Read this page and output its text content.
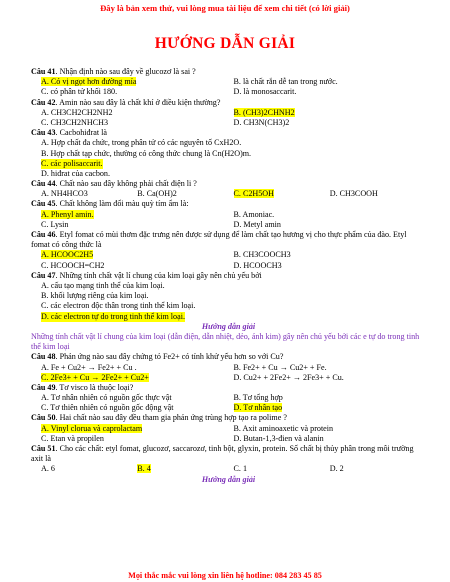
Đây là bản xem thử, vui lòng mua tài liệu để xem chi tiết (có lời giải)
HƯỚNG DẪN GIẢI
Câu 41 . Nhận định nào sau đây về glucozơ là sai ?
A. Có vị ngọt hơn đường mía	B. là chất rắn dễ tan trong nước.
C. có phân tử khối 180.	D. là monosaccarit.
Câu 42 . Amin nào sau đây là chất khí ở điều kiện thường?
A. CH3CH2CH2NH2	B. (CH3)2CHNH2
C. CH3CH2NHCH3	D. CH3N(CH3)2
Câu 43 . Cacbohiđrat là
A. Hợp chất đa chức, trong phân tử có các nguyên tố CxH2O.
B. Hợp chất tạp chức, thường có công thức chung là Cn(H2O)m.
C. các polisaccarit.
D. hiđrat của cacbon.
Câu 44 . Chất nào sau đây không phải chất điện li ?
A. NH4HCO3	B. Ca(OH)2	C. C2H5OH	D. CH3COOH
Câu 45 . Chất không làm đổi màu quỳ tím ẩm là:
A. Phenyl amin.	B. Amoniac.
C. Lysin	D. Metyl amin
Câu 46. Etyl fomat có mùi thơm đặc trưng nên được sử dụng để làm chất tạo hương vị cho thực phẩm của đào. Etyl fomat có công thức là
A. HCOOC2H5	B. CH3COOCH3
C. HCOOCH=CH2	D. HCOOCH3
Câu 47 . Những tính chất vật lí chung của kim loại gây nên chủ yếu bởi
A. cấu tạo mạng tinh thể của kim loại.
B. khối lượng riêng của kim loại.
C. các electron độc thân trong tinh thể kim loại.
D. các electron tự do trong tinh thể kim loại.
Hướng dẫn giải
Những tính chất vật lí chung của kim loại (dẫn điện, dẫn nhiệt, dẻo, ánh kim) gây nên chủ yếu bởi các e tự do trong tinh thể kim loại
Câu 48 . Phản ứng nào sau đây chứng tỏ Fe2+ có tính khử yếu hơn so với Cu?
A. Fe + Cu2+ → Fe2+ + Cu .	B. Fe2+ + Cu → Cu2+ + Fe.
C. 2Fe3+ + Cu → 2Fe2+ + Cu2+	D. Cu2+ + 2Fe2+ → 2Fe3+ + Cu.
Câu 49 . Tơ visco là thuộc loại?
A. Tơ nhân nhiên có nguồn gốc thực vật	B. Tơ tổng hợp
C. Tơ thiên nhiên có nguồn gốc động vật	D. Tơ nhân tạo
Câu 50 . Hai chất nào sau đây đều tham gia phản ứng trùng hợp tạo ra polime ?
A. Vinyl clorua và caprolactam	B. Axit aminoaxetic và protein
C. Etan và propilen	D. Butan-1,3-đien và alanin
Câu 51. Cho các chất: etyl fomat, glucozơ, saccarozơ, tinh bột, glyxin, protein. Số chất bị thủy phân trong môi trường axit là
A. 6	B. 4	C. 1	D. 2
Hướng dẫn giải
Mọi thắc mắc vui lòng xin liên hệ hotline: 084 283 45 85
